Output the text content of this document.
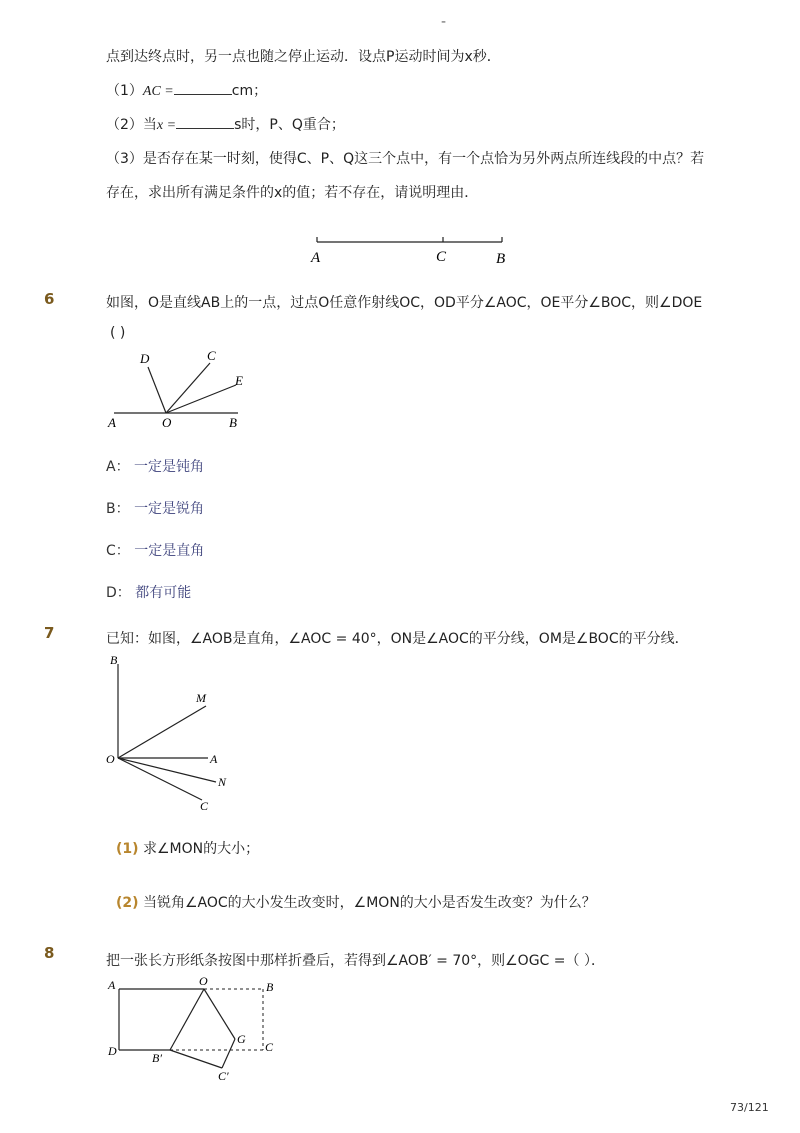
-
点到达终点时，另一点也随之停止运动．设点P运动时间为x秒．
（1）AC =	cm；
（2）当x =	s时，P、Q重合；
（3）是否存在某一时刻，使得C、P、Q这三个点中，有一个点恰为另外两点所连线段的中点？若
存在，求出所有满足条件的x的值；若不存在，请说明理由．
A	C	B
6	如图，O是直线AB上的一点，过点O任意作射线OC，OD平分∠AOC，OE平分∠BOC，则∠DOE
( )
D	C
E
A	O	B
A： 一定是钝角
B： 一定是锐角
C： 一定是直角
D： 都有可能
7	已知：如图，∠AOB是直角，∠AOC = 40°，ON是∠AOC的平分线，OM是∠BOC的平分线．
B
M
O	A
N
C
(1) 求∠MON的大小；
(2) 当锐角∠AOC的大小发生改变时，∠MON的大小是否发生改变？为什么？
8	把一张长方形纸条按图中那样折叠后，若得到∠AOB′ = 70°，则∠OGC =（ ）．
A	O	B
D	B′
G
C
C′
73/121
